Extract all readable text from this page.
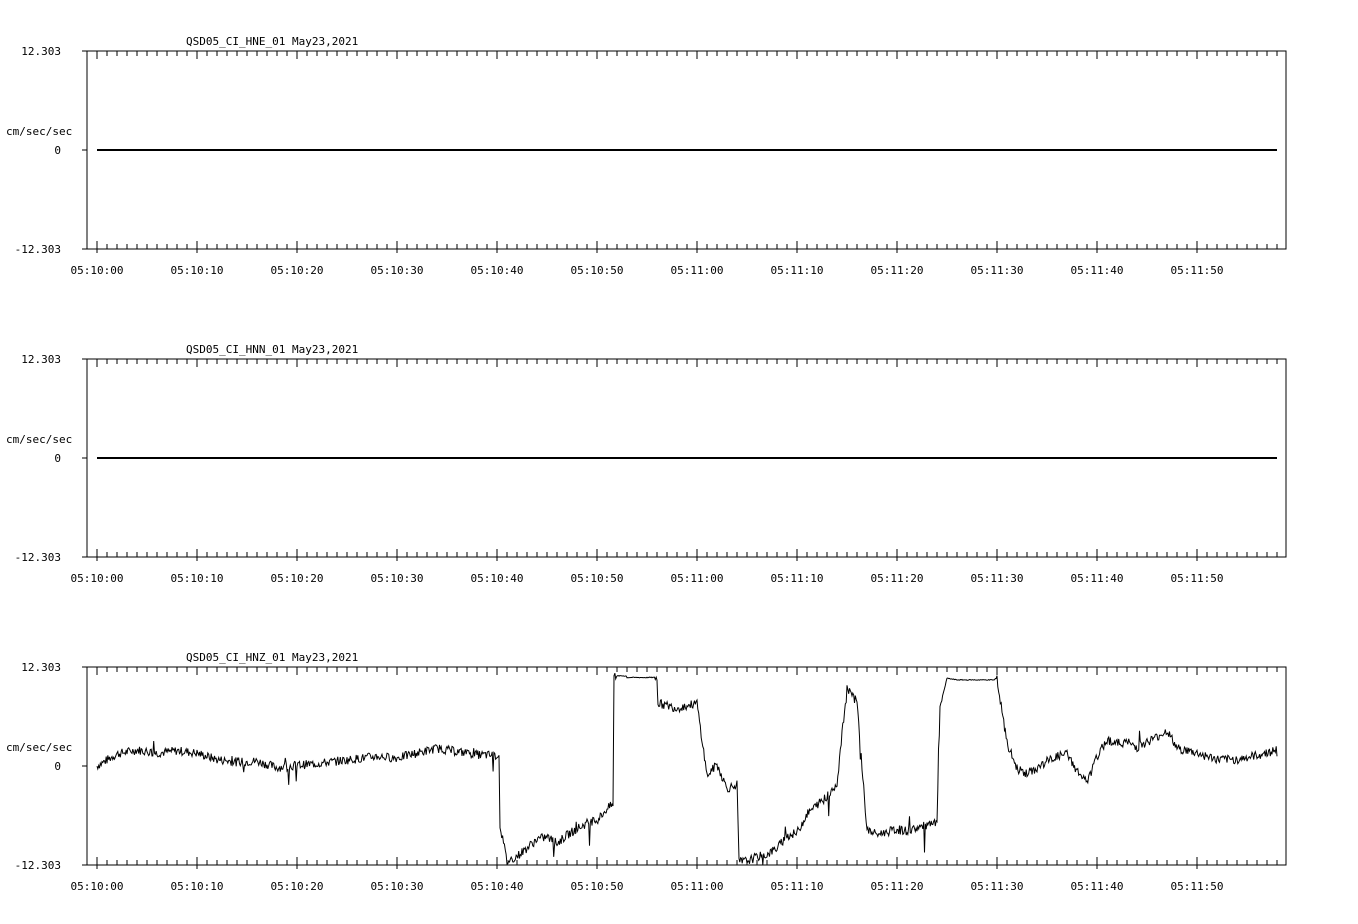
QSD05_CI_HNE_01 May23,2021
12.303
0
-12.303
cm/sec/sec
05:10:00	05:10:10	05:10:20	05:10:30	05:10:40	05:10:50	05:11:00	05:11:10	05:11:20	05:11:30	05:11:40	05:11:50
QSD05_CI_HNN_01 May23,2021
12.303
0
-12.303
cm/sec/sec
05:10:00	05:10:10	05:10:20	05:10:30	05:10:40	05:10:50	05:11:00	05:11:10	05:11:20	05:11:30	05:11:40	05:11:50
QSD05_CI_HNZ_01 May23,2021
12.303
0
-12.303
cm/sec/sec
05:10:00	05:10:10	05:10:20	05:10:30	05:10:40	05:10:50	05:11:00	05:11:10	05:11:20	05:11:30	05:11:40	05:11:50
